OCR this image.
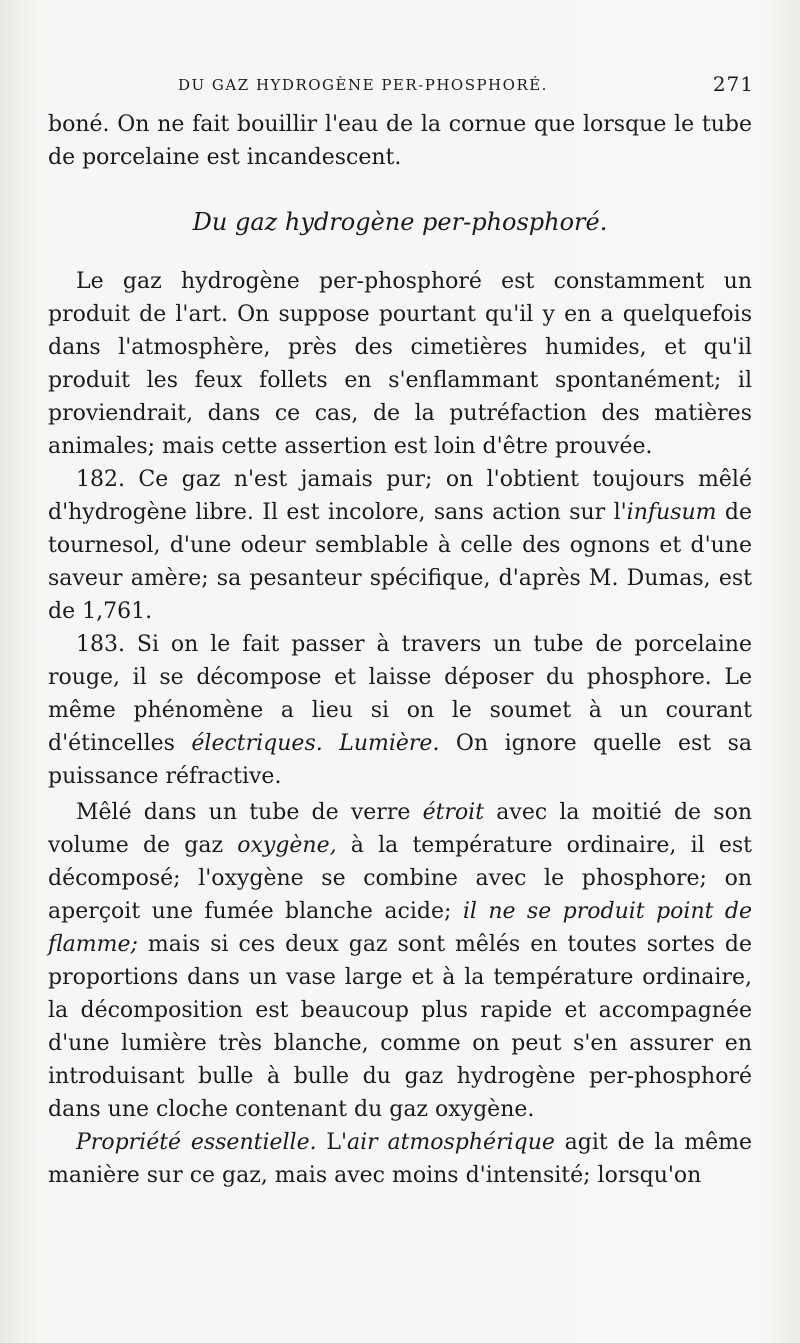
DU GAZ HYDROGÈNE PER-PHOSPHORÉ.	271

boné. On ne fait bouillir l'eau de la cornue que lorsque le tube de porcelaine est incandescent.

Du gaz hydrogène per-phosphoré.

Le gaz hydrogène per-phosphoré est constamment un produit de l'art. On suppose pourtant qu'il y en a quelquefois dans l'atmosphère, près des cimetières humides, et qu'il produit les feux follets en s'enflammant spontanément; il proviendrait, dans ce cas, de la putréfaction des matières animales; mais cette assertion est loin d'être prouvée.

182. Ce gaz n'est jamais pur; on l'obtient toujours mêlé d'hydrogène libre. Il est incolore, sans action sur l'infusum de tournesol, d'une odeur semblable à celle des ognons et d'une saveur amère; sa pesanteur spécifique, d'après M. Dumas, est de 1,761.

183. Si on le fait passer à travers un tube de porcelaine rouge, il se décompose et laisse déposer du phosphore. Le même phénomène a lieu si on le soumet à un courant d'étincelles électriques. Lumière. On ignore quelle est sa puissance réfractive.

Mêlé dans un tube de verre étroit avec la moitié de son volume de gaz oxygène, à la température ordinaire, il est décomposé; l'oxygène se combine avec le phosphore; on aperçoit une fumée blanche acide; il ne se produit point de flamme; mais si ces deux gaz sont mêlés en toutes sortes de proportions dans un vase large et à la température ordinaire, la décomposition est beaucoup plus rapide et accompagnée d'une lumière très blanche, comme on peut s'en assurer en introduisant bulle à bulle du gaz hydrogène per-phosphoré dans une cloche contenant du gaz oxygène.

Propriété essentielle. L'air atmosphérique agit de la même manière sur ce gaz, mais avec moins d'intensité; lorsqu'on
